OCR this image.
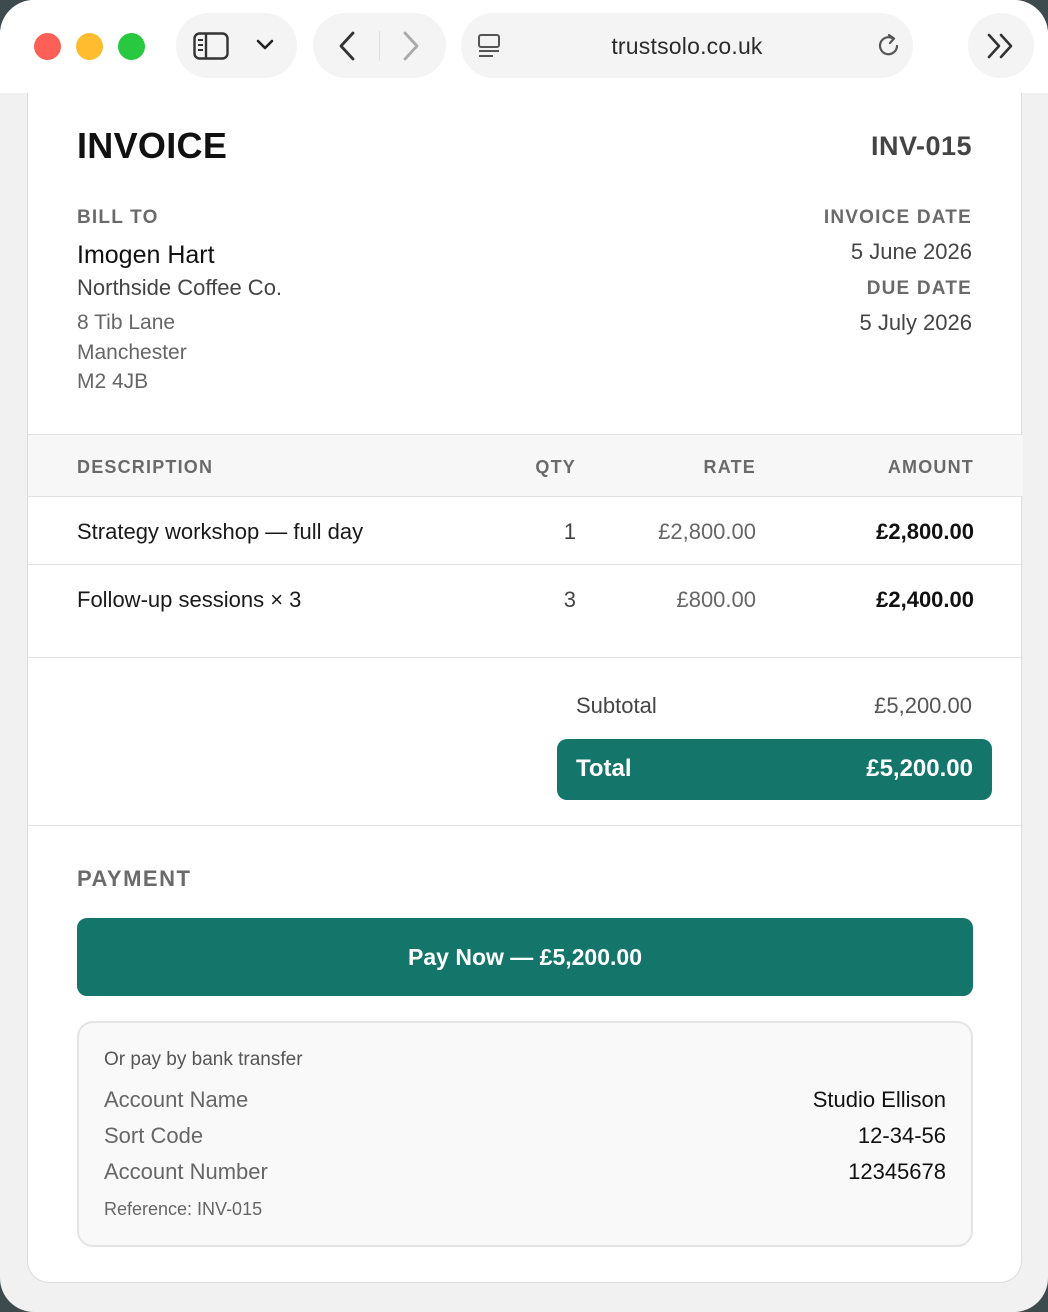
trustsolo.co.uk
INVOICE	INV-015
BILL TO
Imogen Hart
Northside Coffee Co.
8 Tib Lane
Manchester
M2 4JB
INVOICE DATE
5 June 2026
DUE DATE
5 July 2026
DESCRIPTION	QTY	RATE	AMOUNT
Strategy workshop — full day	1	£2,800.00	£2,800.00
Follow-up sessions × 3	3	£800.00	£2,400.00
Subtotal	£5,200.00
Total	£5,200.00
PAYMENT
Pay Now — £5,200.00
Or pay by bank transfer
Account Name	Studio Ellison
Sort Code	12-34-56
Account Number	12345678
Reference: INV-015
